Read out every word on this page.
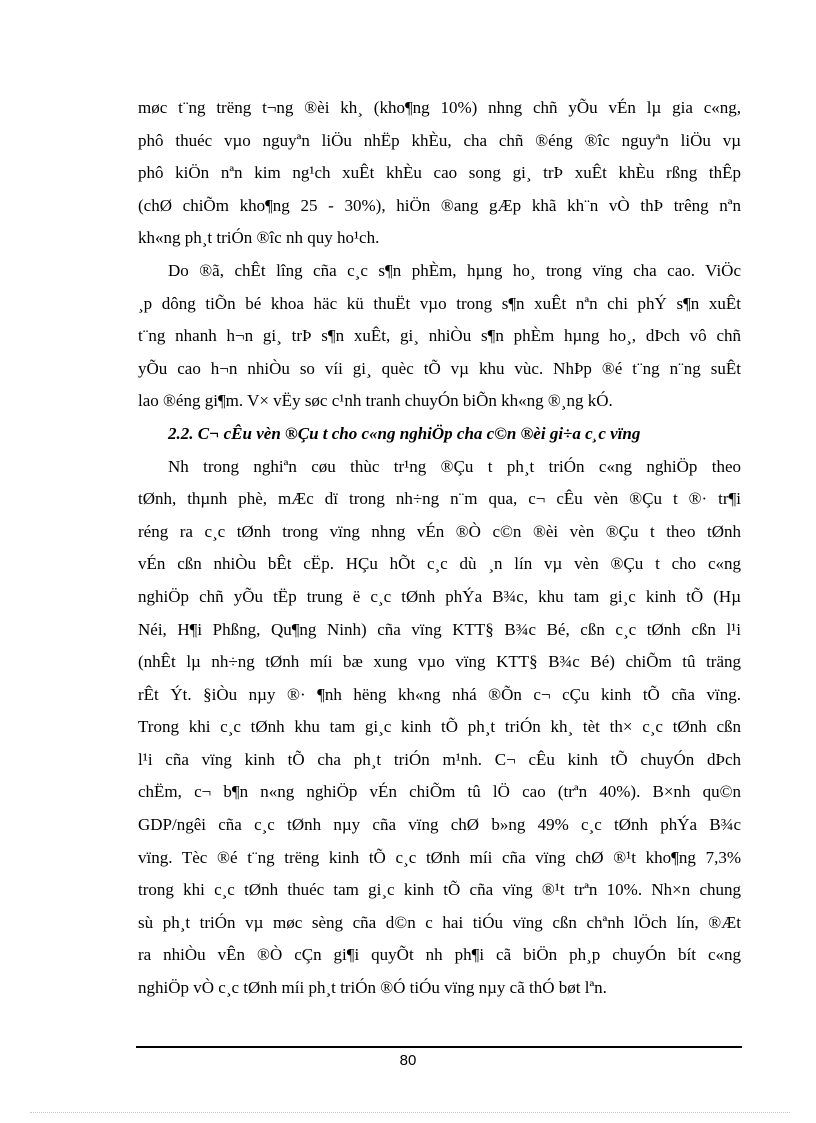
møc t¨ng trëng t¬ng ®èi kh¸ (kho¶ng 10%) nhng chñ yÕu vÉn lµ gia c«ng,
phô thuéc vµo nguyªn liÖu nhËp khÈu, cha chñ ®éng ®îc nguyªn liÖu vµ
phô kiÖn nªn kim ng¹ch xuÊt khÈu cao song gi¸ trÞ xuÊt khÈu rßng thÊp
(chØ chiÕm kho¶ng 25 - 30%), hiÖn ®ang gÆp khã kh¨n vÒ thÞ trêng nªn
kh«ng ph¸t triÓn ®îc nh quy ho¹ch.
Do ®ã, chÊt lîng cña c¸c s¶n phÈm, hµng ho¸ trong vïng cha cao. ViÖc
¸p dông tiÕn bé khoa häc kü thuËt vµo trong s¶n xuÊt nªn chi phÝ s¶n xuÊt
t¨ng nhanh h¬n gi¸ trÞ s¶n xuÊt, gi¸ nhiÒu s¶n phÈm hµng ho¸, dÞch vô chñ
yÕu cao h¬n nhiÒu so víi gi¸ quèc tÕ vµ khu vùc. NhÞp ®é t¨ng n¨ng suÊt
lao ®éng gi¶m. V× vËy søc c¹nh tranh chuyÓn biÕn kh«ng ®¸ng kÓ.
2.2. C¬ cÊu vèn ®Çu t cho c«ng nghiÖp cha c©n ®èi gi÷a c¸c vïng
Nh trong nghiªn cøu thùc tr¹ng ®Çu t ph¸t triÓn c«ng nghiÖp theo
tØnh, thµnh phè, mÆc dï trong nh÷ng n¨m qua, c¬ cÊu vèn ®Çu t ®· tr¶i
réng ra c¸c tØnh trong vïng nhng vÉn ®Ò c©n ®èi vèn ®Çu t theo tØnh
vÉn cßn nhiÒu bÊt cËp. HÇu hÕt c¸c dù ¸n lín vµ vèn ®Çu t cho c«ng
nghiÖp chñ yÕu tËp trung ë c¸c tØnh phÝa B¾c, khu tam gi¸c kinh tÕ (Hµ
Néi, H¶i Phßng, Qu¶ng Ninh) cña vïng KTT§ B¾c Bé, cßn c¸c tØnh cßn l¹i
(nhÊt lµ nh÷ng tØnh míi bæ xung vµo vïng KTT§ B¾c Bé) chiÕm tû träng
rÊt Ýt. §iÒu nµy ®· ¶nh hëng kh«ng nhá ®Õn c¬ cÇu kinh tÕ cña vïng.
Trong khi c¸c tØnh khu tam gi¸c kinh tÕ ph¸t triÓn kh¸ tèt th× c¸c tØnh cßn
l¹i cña vïng kinh tÕ cha ph¸t triÓn m¹nh. C¬ cÊu kinh tÕ chuyÓn dÞch
chËm, c¬ b¶n n«ng nghiÖp vÉn chiÕm tû lÖ cao (trªn 40%). B×nh qu©n
GDP/ngêi cña c¸c tØnh nµy cña vïng chØ b»ng 49% c¸c tØnh phÝa B¾c
vïng. Tèc ®é t¨ng trëng kinh tÕ c¸c tØnh míi cña vïng chØ ®¹t kho¶ng 7,3%
trong khi c¸c tØnh thuéc tam gi¸c kinh tÕ cña vïng ®¹t trªn 10%. Nh×n chung
sù ph¸t triÓn vµ møc sèng cña d©n c hai tiÓu vïng cßn chªnh lÖch lín, ®Æt
ra nhiÒu vÊn ®Ò cÇn gi¶i quyÕt nh ph¶i cã biÖn ph¸p chuyÓn bít c«ng
nghiÖp vÒ c¸c tØnh míi ph¸t triÓn ®Ó tiÓu vïng nµy cã thÓ bøt lªn.
80
